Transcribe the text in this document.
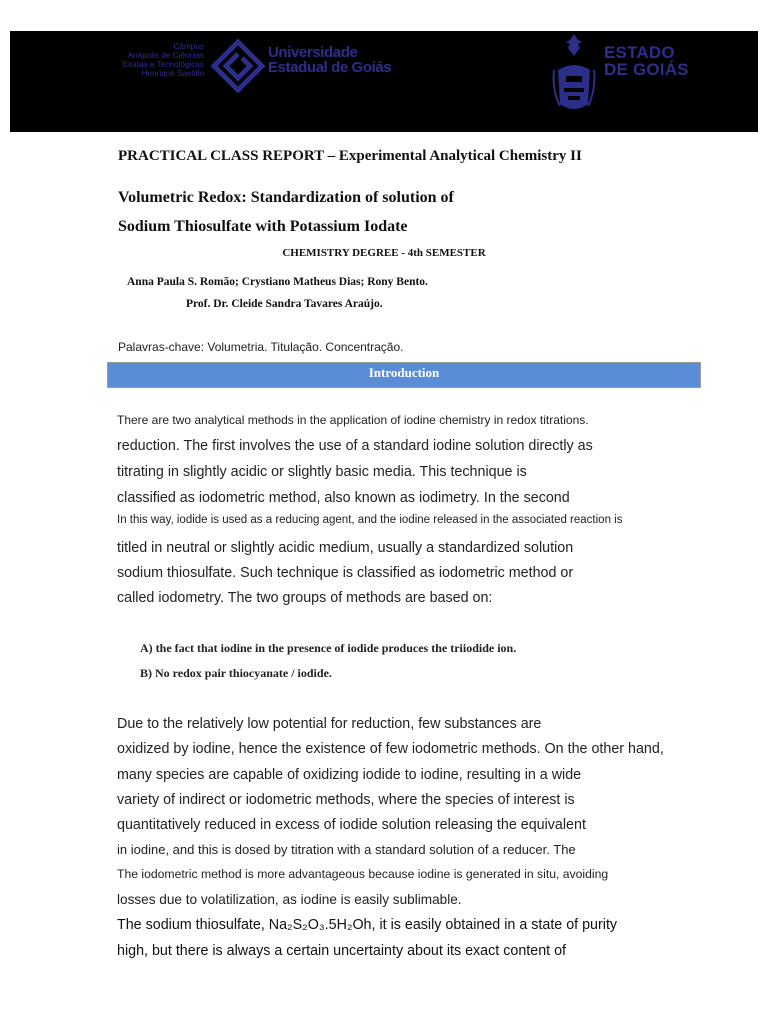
Câmpus
Anápolis de Ciências
Exatas e Tecnológicas
Henrique Santillo
Universidade
Estadual de Goiás
ESTADO
DE GOIÁS
PRACTICAL CLASS REPORT – Experimental Analytical Chemistry II
Volumetric Redox: Standardization of solution of
Sodium Thiosulfate with Potassium Iodate
CHEMISTRY DEGREE - 4th SEMESTER
Anna Paula S. Romão; Crystiano Matheus Dias; Rony Bento.
Prof. Dr. Cleide Sandra Tavares Araújo.
Palavras-chave: Volumetria. Titulação. Concentração.
Introduction
There are two analytical methods in the application of iodine chemistry in redox titrations.
reduction. The first involves the use of a standard iodine solution directly as
titrating in slightly acidic or slightly basic media. This technique is
classified as iodometric method, also known as iodimetry. In the second
In this way, iodide is used as a reducing agent, and the iodine released in the associated reaction is
titled in neutral or slightly acidic medium, usually a standardized solution
sodium thiosulfate. Such technique is classified as iodometric method or
called iodometry. The two groups of methods are based on:
A) the fact that iodine in the presence of iodide produces the triiodide ion.
B) No redox pair thiocyanate / iodide.
Due to the relatively low potential for reduction, few substances are
oxidized by iodine, hence the existence of few iodometric methods. On the other hand,
many species are capable of oxidizing iodide to iodine, resulting in a wide
variety of indirect or iodometric methods, where the species of interest is
quantitatively reduced in excess of iodide solution releasing the equivalent
in iodine, and this is dosed by titration with a standard solution of a reducer. The
The iodometric method is more advantageous because iodine is generated in situ, avoiding
losses due to volatilization, as iodine is easily sublimable.
The sodium thiosulfate, Na₂S₂O₃.5H₂Oh, it is easily obtained in a state of purity
high, but there is always a certain uncertainty about its exact content of
